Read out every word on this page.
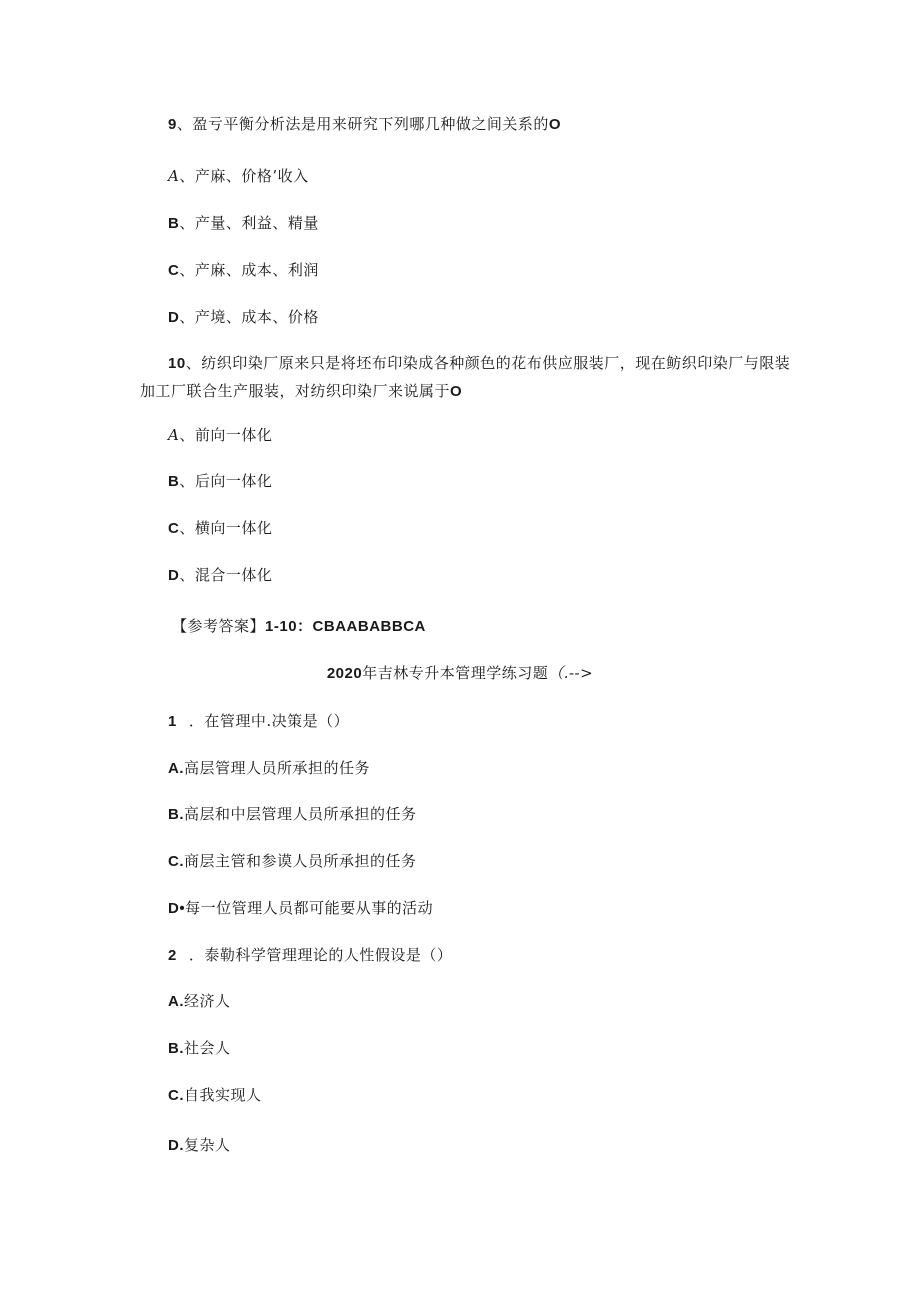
9、盈亏平衡分析法是用来研究下列哪几种做之间关系的O
A、产麻、价格’收入
B、产量、利益、精量
C、产麻、成本、利润
D、产境、成本、价格
10、纺织印染厂原来只是将坯布印染成各种颜色的花布供应服装厂，现在鲂织印染厂与限装
加工厂联合生产服装，对纺织印染厂来说属于O
A、前向一体化
B、后向一体化
C、横向一体化
D、混合一体化
【参考答案】1-10：CBAABABBCA
2020年吉林专升本管理学练习题（.-->
1 ．在管理中.决策是（）
A.高层管理人员所承担的任务
B.高层和中层管理人员所承担的任务
C.商层主管和参谟人员所承担的任务
D•每一位管理人员都可能要从事的活动
2 ．泰勒科学管理理论的人性假设是（）
A.经济人
B.社会人
C.自我实现人
D.复杂人
